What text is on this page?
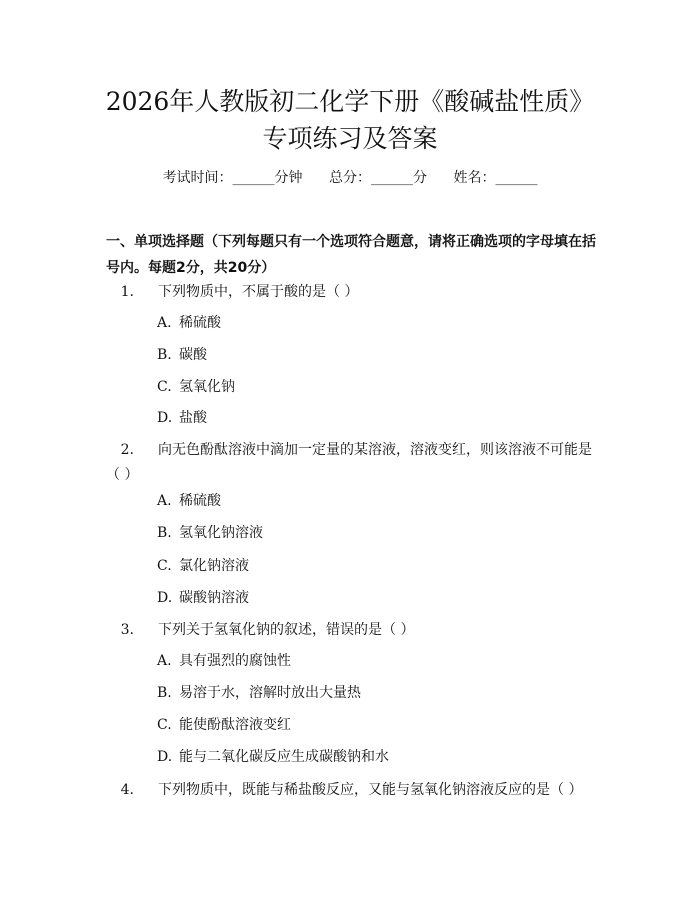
2026年人教版初二化学下册《酸碱盐性质》
专项练习及答案
考试时间：______分钟 总分：______分 姓名：______
一、单项选择题（下列每题只有一个选项符合题意，请将正确选项的字母填在括号内。每题2分，共20分）
1. 下列物质中，不属于酸的是（ ）
A. 稀硫酸
B. 碳酸
C. 氢氧化钠
D. 盐酸
2. 向无色酚酞溶液中滴加一定量的某溶液，溶液变红，则该溶液不可能是（ ）
A. 稀硫酸
B. 氢氧化钠溶液
C. 氯化钠溶液
D. 碳酸钠溶液
3. 下列关于氢氧化钠的叙述，错误的是（ ）
A. 具有强烈的腐蚀性
B. 易溶于水，溶解时放出大量热
C. 能使酚酞溶液变红
D. 能与二氧化碳反应生成碳酸钠和水
4. 下列物质中，既能与稀盐酸反应，又能与氢氧化钠溶液反应的是（ ）
